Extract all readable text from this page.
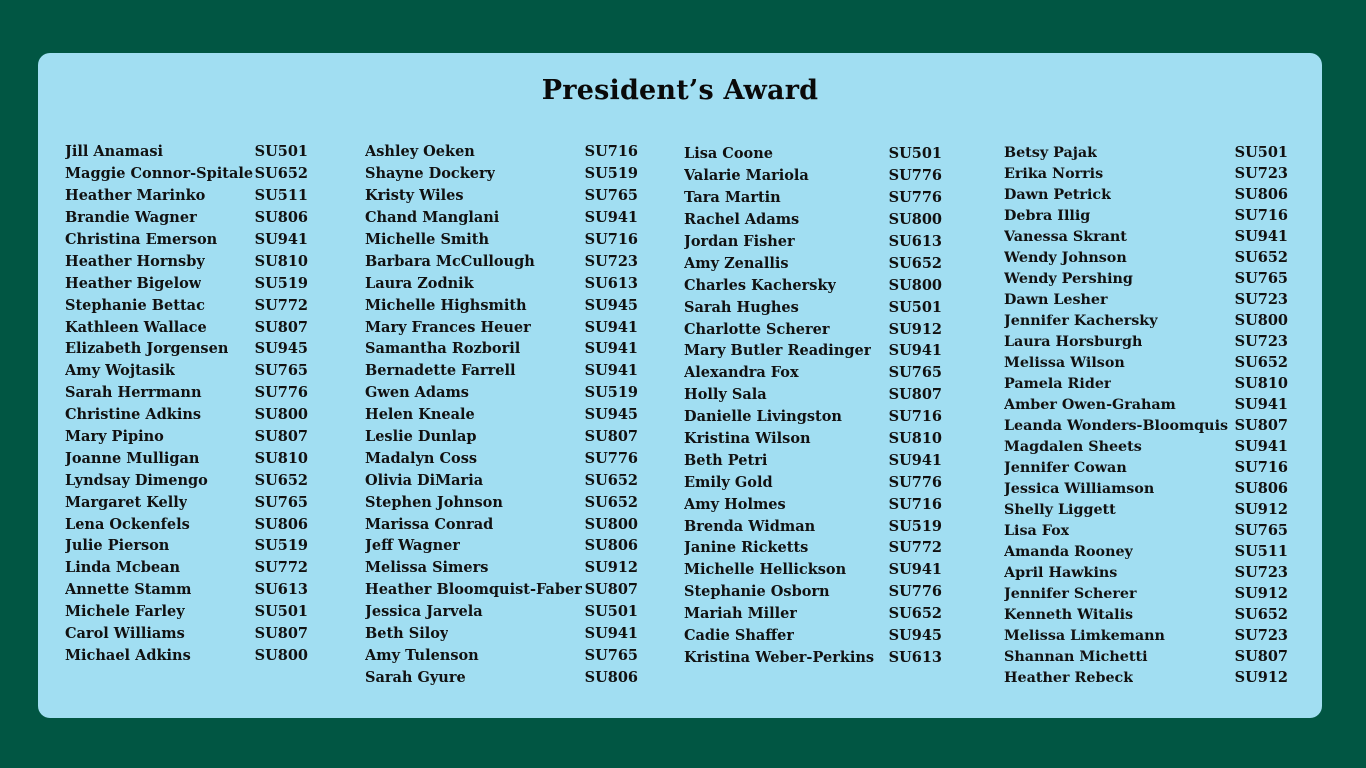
President’s Award
Jill Anamasi	SU501
Maggie Connor-Spitale SU652
Heather Marinko	SU511
Brandie Wagner	SU806
Christina Emerson	SU941
Heather Hornsby	SU810
Heather Bigelow	SU519
Stephanie Bettac	SU772
Kathleen Wallace	SU807
Elizabeth Jorgensen SU945
Amy Wojtasik	SU765
Sarah Herrmann	SU776
Christine Adkins	SU800
Mary Pipino	SU807
Joanne Mulligan	SU810
Lyndsay Dimengo	SU652
Margaret Kelly	SU765
Lena Ockenfels	SU806
Julie Pierson	SU519
Linda Mcbean	SU772
Annette Stamm	SU613
Michele Farley	SU501
Carol Williams	SU807
Michael Adkins	SU800
Ashley Oeken	SU716
Shayne Dockery	SU519
Kristy Wiles	SU765
Chand Manglani	SU941
Michelle Smith	SU716
Barbara McCullough	SU723
Laura Zodnik	SU613
Michelle Highsmith	SU945
Mary Frances Heuer	SU941
Samantha Rozboril	SU941
Bernadette Farrell	SU941
Gwen Adams	SU519
Helen Kneale	SU945
Leslie Dunlap	SU807
Madalyn Coss	SU776
Olivia DiMaria	SU652
Stephen Johnson	SU652
Marissa Conrad	SU800
Jeff Wagner	SU806
Melissa Simers	SU912
Heather Bloomquist-Faber SU807
Jessica Jarvela	SU501
Beth Siloy	SU941
Amy Tulenson	SU765
Sarah Gyure	SU806
Lisa Coone	SU501
Valarie Mariola	SU776
Tara Martin	SU776
Rachel Adams	SU800
Jordan Fisher	SU613
Amy Zenallis	SU652
Charles Kachersky	SU800
Sarah Hughes	SU501
Charlotte Scherer	SU912
Mary Butler Readinger SU941
Alexandra Fox	SU765
Holly Sala	SU807
Danielle Livingston	SU716
Kristina Wilson	SU810
Beth Petri	SU941
Emily Gold	SU776
Amy Holmes	SU716
Brenda Widman	SU519
Janine Ricketts	SU772
Michelle Hellickson	SU941
Stephanie Osborn	SU776
Mariah Miller	SU652
Cadie Shaffer	SU945
Kristina Weber-Perkins SU613
Betsy Pajak	SU501
Erika Norris	SU723
Dawn Petrick	SU806
Debra Illig	SU716
Vanessa Skrant	SU941
Wendy Johnson	SU652
Wendy Pershing	SU765
Dawn Lesher	SU723
Jennifer Kachersky	SU800
Laura Horsburgh	SU723
Melissa Wilson	SU652
Pamela Rider	SU810
Amber Owen-Graham	SU941
Leanda Wonders-Bloomquis SU807
Magdalen Sheets	SU941
Jennifer Cowan	SU716
Jessica Williamson	SU806
Shelly Liggett	SU912
Lisa Fox	SU765
Amanda Rooney	SU511
April Hawkins	SU723
Jennifer Scherer	SU912
Kenneth Witalis	SU652
Melissa Limkemann	SU723
Shannan Michetti	SU807
Heather Rebeck	SU912
